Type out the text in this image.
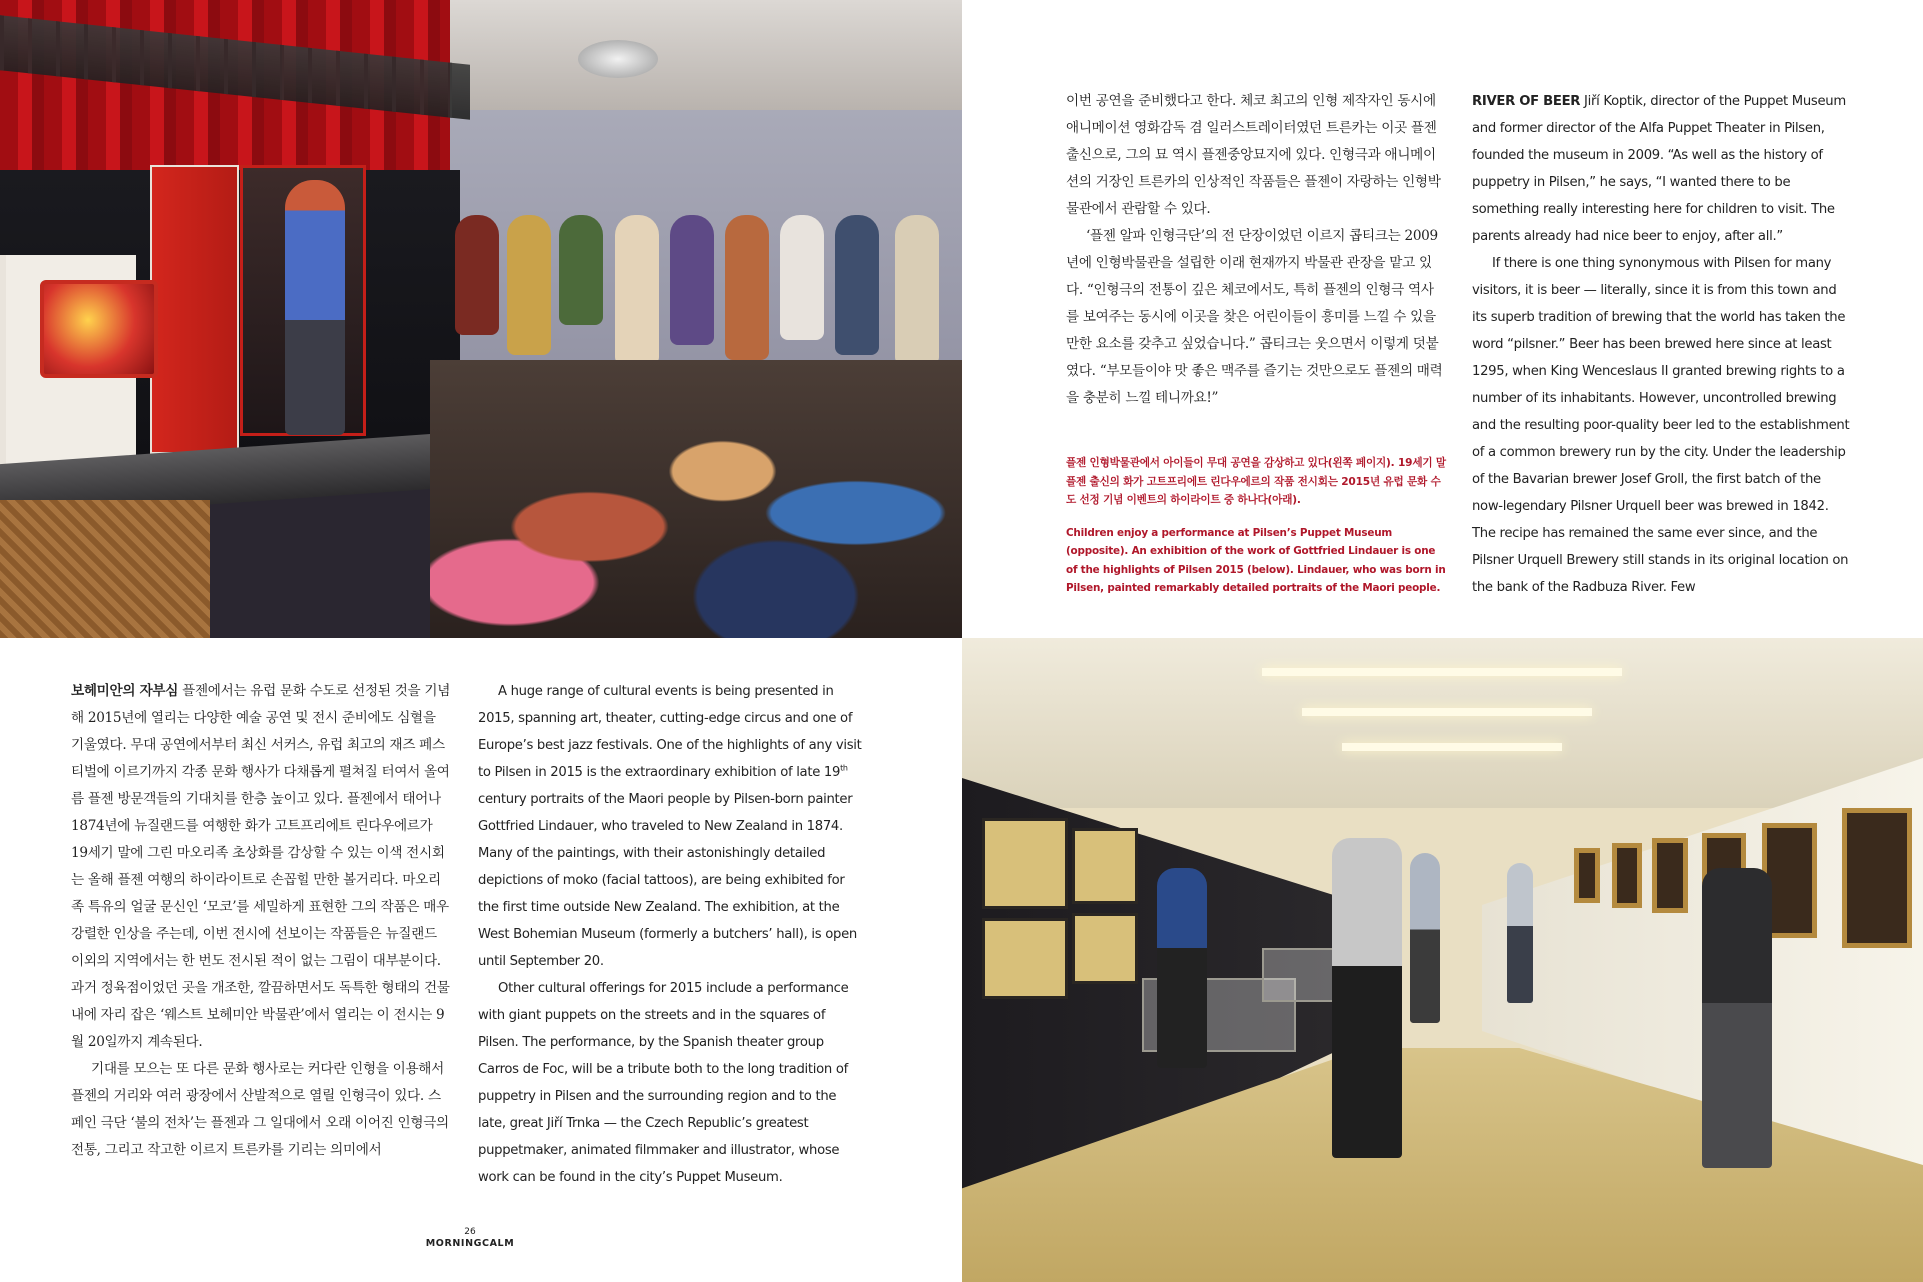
이번 공연을 준비했다고 한다. 체코 최고의 인형 제작자인 동시에 애니메이션 영화감독 겸 일러스트레이터였던 트른카는 이곳 플젠 출신으로, 그의 묘 역시 플젠중앙묘지에 있다. 인형극과 애니메이션의 거장인 트른카의 인상적인 작품들은 플젠이 자랑하는 인형박물관에서 관람할 수 있다.

‘플젠 알파 인형극단’의 전 단장이었던 이르지 콥티크는 2009년에 인형박물관을 설립한 이래 현재까지 박물관 관장을 맡고 있다. “인형극의 전통이 깊은 체코에서도, 특히 플젠의 인형극 역사를 보여주는 동시에 이곳을 찾은 어린이들이 흥미를 느낄 수 있을 만한 요소를 갖추고 싶었습니다.” 콥티크는 웃으면서 이렇게 덧붙였다. “부모들이야 맛 좋은 맥주를 즐기는 것만으로도 플젠의 매력을 충분히 느낄 테니까요!”

플젠 인형박물관에서 아이들이 무대 공연을 감상하고 있다(왼쪽 페이지). 19세기 말 플젠 출신의 화가 고트프리에트 린다우에르의 작품 전시회는 2015년 유럽 문화 수도 선정 기념 이벤트의 하이라이트 중 하나다(아래).

Children enjoy a performance at Pilsen’s Puppet Museum (opposite). An exhibition of the work of Gottfried Lindauer is one of the highlights of Pilsen 2015 (below). Lindauer, who was born in Pilsen, painted remarkably detailed portraits of the Maori people.

RIVER OF BEER Jiří Koptik, director of the Puppet Museum and former director of the Alfa Puppet Theater in Pilsen, founded the museum in 2009. “As well as the history of puppetry in Pilsen,” he says, “I wanted there to be something really interesting here for children to visit. The parents already had nice beer to enjoy, after all.”

If there is one thing synonymous with Pilsen for many visitors, it is beer — literally, since it is from this town and its superb tradition of brewing that the world has taken the word “pilsner.” Beer has been brewed here since at least 1295, when King Wenceslaus II granted brewing rights to a number of its inhabitants. However, uncontrolled brewing and the resulting poor-quality beer led to the establishment of a common brewery run by the city. Under the leadership of the Bavarian brewer Josef Groll, the first batch of the now-legendary Pilsner Urquell beer was brewed in 1842. The recipe has remained the same ever since, and the Pilsner Urquell Brewery still stands in its original location on the bank of the Radbuza River. Few

보헤미안의 자부심 플젠에서는 유럽 문화 수도로 선정된 것을 기념해 2015년에 열리는 다양한 예술 공연 및 전시 준비에도 심혈을 기울였다. 무대 공연에서부터 최신 서커스, 유럽 최고의 재즈 페스티벌에 이르기까지 각종 문화 행사가 다채롭게 펼쳐질 터여서 올여름 플젠 방문객들의 기대치를 한층 높이고 있다. 플젠에서 태어나 1874년에 뉴질랜드를 여행한 화가 고트프리에트 린다우에르가 19세기 말에 그린 마오리족 초상화를 감상할 수 있는 이색 전시회는 올해 플젠 여행의 하이라이트로 손꼽힐 만한 볼거리다. 마오리족 특유의 얼굴 문신인 ‘모코’를 세밀하게 표현한 그의 작품은 매우 강렬한 인상을 주는데, 이번 전시에 선보이는 작품들은 뉴질랜드 이외의 지역에서는 한 번도 전시된 적이 없는 그림이 대부분이다. 과거 정육점이었던 곳을 개조한, 깔끔하면서도 독특한 형태의 건물 내에 자리 잡은 ‘웨스트 보헤미안 박물관’에서 열리는 이 전시는 9월 20일까지 계속된다.

기대를 모으는 또 다른 문화 행사로는 커다란 인형을 이용해서 플젠의 거리와 여러 광장에서 산발적으로 열릴 인형극이 있다. 스페인 극단 ‘불의 전차’는 플젠과 그 일대에서 오래 이어진 인형극의 전통, 그리고 작고한 이르지 트른카를 기리는 의미에서

A huge range of cultural events is being presented in 2015, spanning art, theater, cutting-edge circus and one of Europe’s best jazz festivals. One of the highlights of any visit to Pilsen in 2015 is the extraordinary exhibition of late 19th century portraits of the Maori people by Pilsen-born painter Gottfried Lindauer, who traveled to New Zealand in 1874. Many of the paintings, with their astonishingly detailed depictions of moko (facial tattoos), are being exhibited for the first time outside New Zealand. The exhibition, at the West Bohemian Museum (formerly a butchers’ hall), is open until September 20.

Other cultural offerings for 2015 include a performance with giant puppets on the streets and in the squares of Pilsen. The performance, by the Spanish theater group Carros de Foc, will be a tribute both to the long tradition of puppetry in Pilsen and the surrounding region and to the late, great Jiří Trnka — the Czech Republic’s greatest puppetmaker, animated filmmaker and illustrator, whose work can be found in the city’s Puppet Museum.

26
MORNINGCALM
